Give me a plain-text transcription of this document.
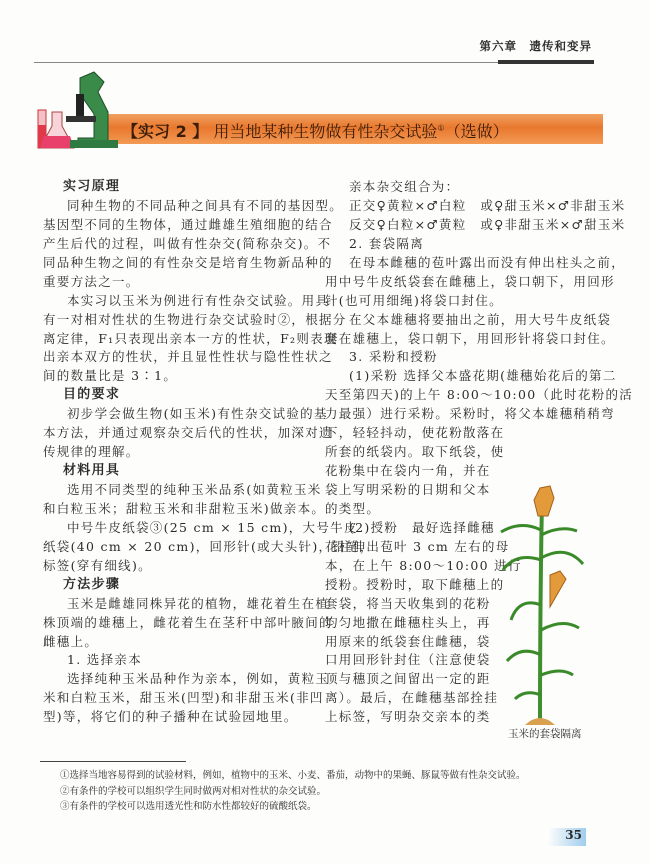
第六章　遗传和变异
【实习 2 】 用当地某种生物做有性杂交试验①（选做）
实习原理
同种生物的不同品种之间具有不同的基因型。
基因型不同的生物体，通过雌雄生殖细胞的结合
产生后代的过程，叫做有性杂交(简称杂交)。不
同品种生物之间的有性杂交是培育生物新品种的
重要方法之一。
本实习以玉米为例进行有性杂交试验。用具
有一对相对性状的生物进行杂交试验时②，根据分
离定律，F₁只表现出亲本一方的性状，F₂则表现
出亲本双方的性状，并且显性性状与隐性性状之
间的数量比是 3∶1。
目的要求
初步学会做生物(如玉米)有性杂交试验的基
本方法，并通过观察杂交后代的性状，加深对遗
传规律的理解。
材料用具
选用不同类型的纯种玉米品系(如黄粒玉米
和白粒玉米；甜粒玉米和非甜粒玉米)做亲本。
中号牛皮纸袋③(25 cm × 15 cm)，大号牛皮
纸袋(40 cm × 20 cm)，回形针(或大头针)，铅笔，
标签(穿有细线)。
方法步骤
玉米是雌雄同株异花的植物，雄花着生在植
株顶端的雄穗上，雌花着生在茎秆中部叶腋间的
雌穗上。
1. 选择亲本
选择纯种玉米品种作为亲本，例如，黄粒玉
米和白粒玉米，甜玉米(凹型)和非甜玉米(非凹
型)等，将它们的种子播种在试验园地里。
亲本杂交组合为：
正交♀黄粒×♂白粒　或♀甜玉米×♂非甜玉米
反交♀白粒×♂黄粒　或♀非甜玉米×♂甜玉米
2. 套袋隔离
在母本雌穗的苞叶露出而没有伸出柱头之前，
用中号牛皮纸袋套在雌穗上，袋口朝下，用回形
针(也可用细绳)将袋口封住。
在父本雄穗将要抽出之前，用大号牛皮纸袋
套在雄穗上，袋口朝下，用回形针将袋口封住。
3. 采粉和授粉
(1)采粉 选择父本盛花期(雄穗始花后的第二
天至第四天)的上午 8:00～10:00（此时花粉的活
力最强）进行采粉。采粉时，将父本雄穗稍稍弯
下，轻轻抖动，使花粉散落在
所套的纸袋内。取下纸袋，使
花粉集中在袋内一角，并在
袋上写明采粉的日期和父本
的类型。
(2)授粉　最好选择雌穗
花柱伸出苞叶 3 cm 左右的母
本，在上午 8:00～10:00 进行
授粉。授粉时，取下雌穗上的
套袋，将当天收集到的花粉
均匀地撒在雌穗柱头上，再
用原来的纸袋套住雌穗，袋
口用回形针封住（注意使袋
顶与穗顶之间留出一定的距
离）。最后，在雌穗基部拴挂
上标签，写明杂交亲本的类
玉米的套袋隔离
①选择当地容易得到的试验材料，例如，植物中的玉米、小麦、番茄，动物中的果蝇、豚鼠等做有性杂交试验。
②有条件的学校可以组织学生同时做两对相对性状的杂交试验。
③有条件的学校可以选用透光性和防水性都较好的硫酸纸袋。
35
